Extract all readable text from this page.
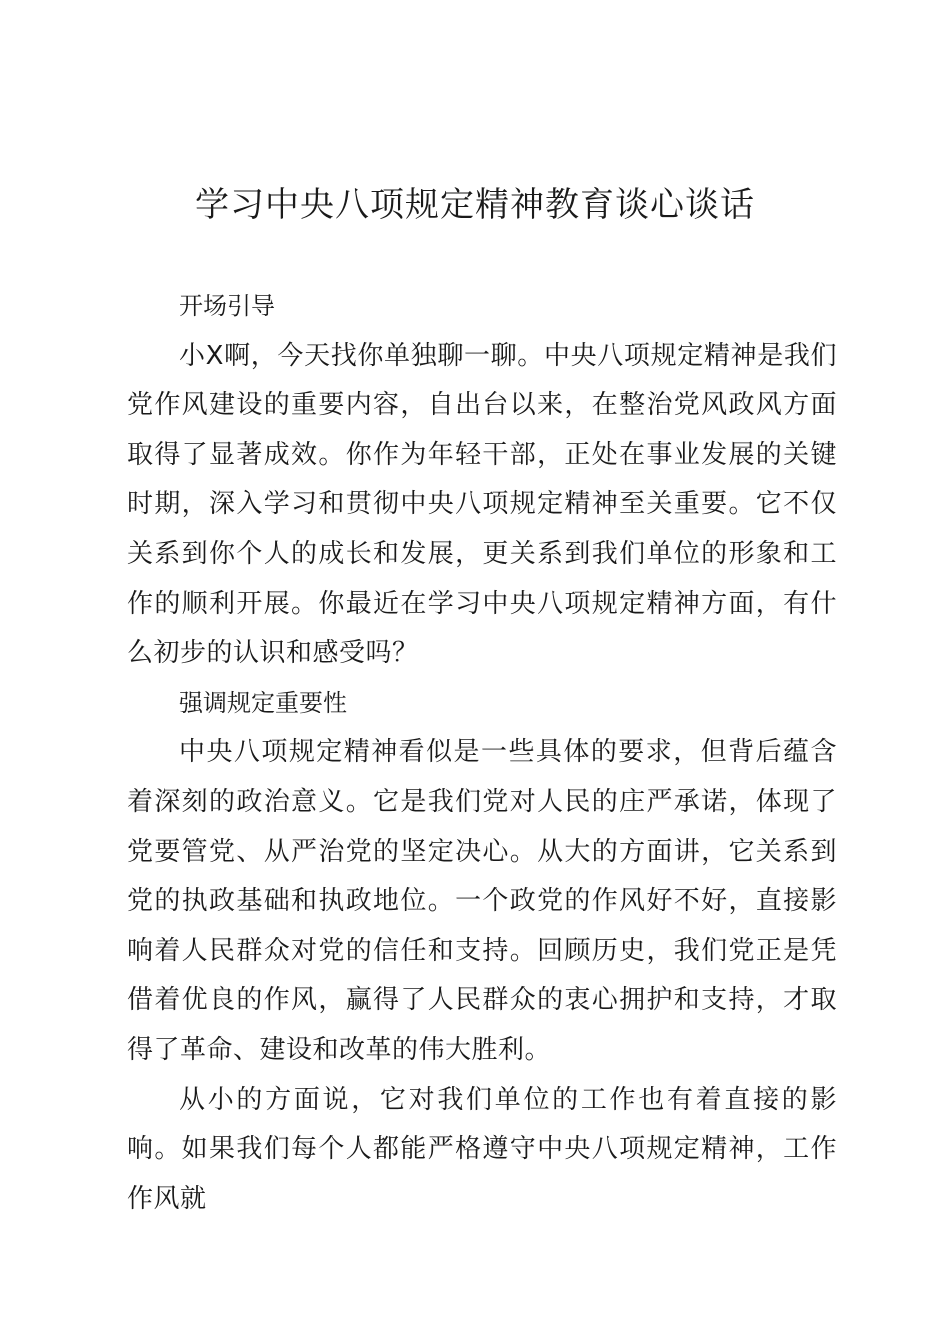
学习中央八项规定精神教育谈心谈话
开场引导

小X啊，今天找你单独聊一聊。中央八项规定精神是我们党作风建设的重要内容，自出台以来，在整治党风政风方面取得了显著成效。你作为年轻干部，正处在事业发展的关键时期，深入学习和贯彻中央八项规定精神至关重要。它不仅关系到你个人的成长和发展，更关系到我们单位的形象和工作的顺利开展。你最近在学习中央八项规定精神方面，有什么初步的认识和感受吗？

强调规定重要性

中央八项规定精神看似是一些具体的要求，但背后蕴含着深刻的政治意义。它是我们党对人民的庄严承诺，体现了党要管党、从严治党的坚定决心。从大的方面讲，它关系到党的执政基础和执政地位。一个政党的作风好不好，直接影响着人民群众对党的信任和支持。回顾历史，我们党正是凭借着优良的作风，赢得了人民群众的衷心拥护和支持，才取得了革命、建设和改革的伟大胜利。

从小的方面说，它对我们单位的工作也有着直接的影响。如果我们每个人都能严格遵守中央八项规定精神，工作作风就
